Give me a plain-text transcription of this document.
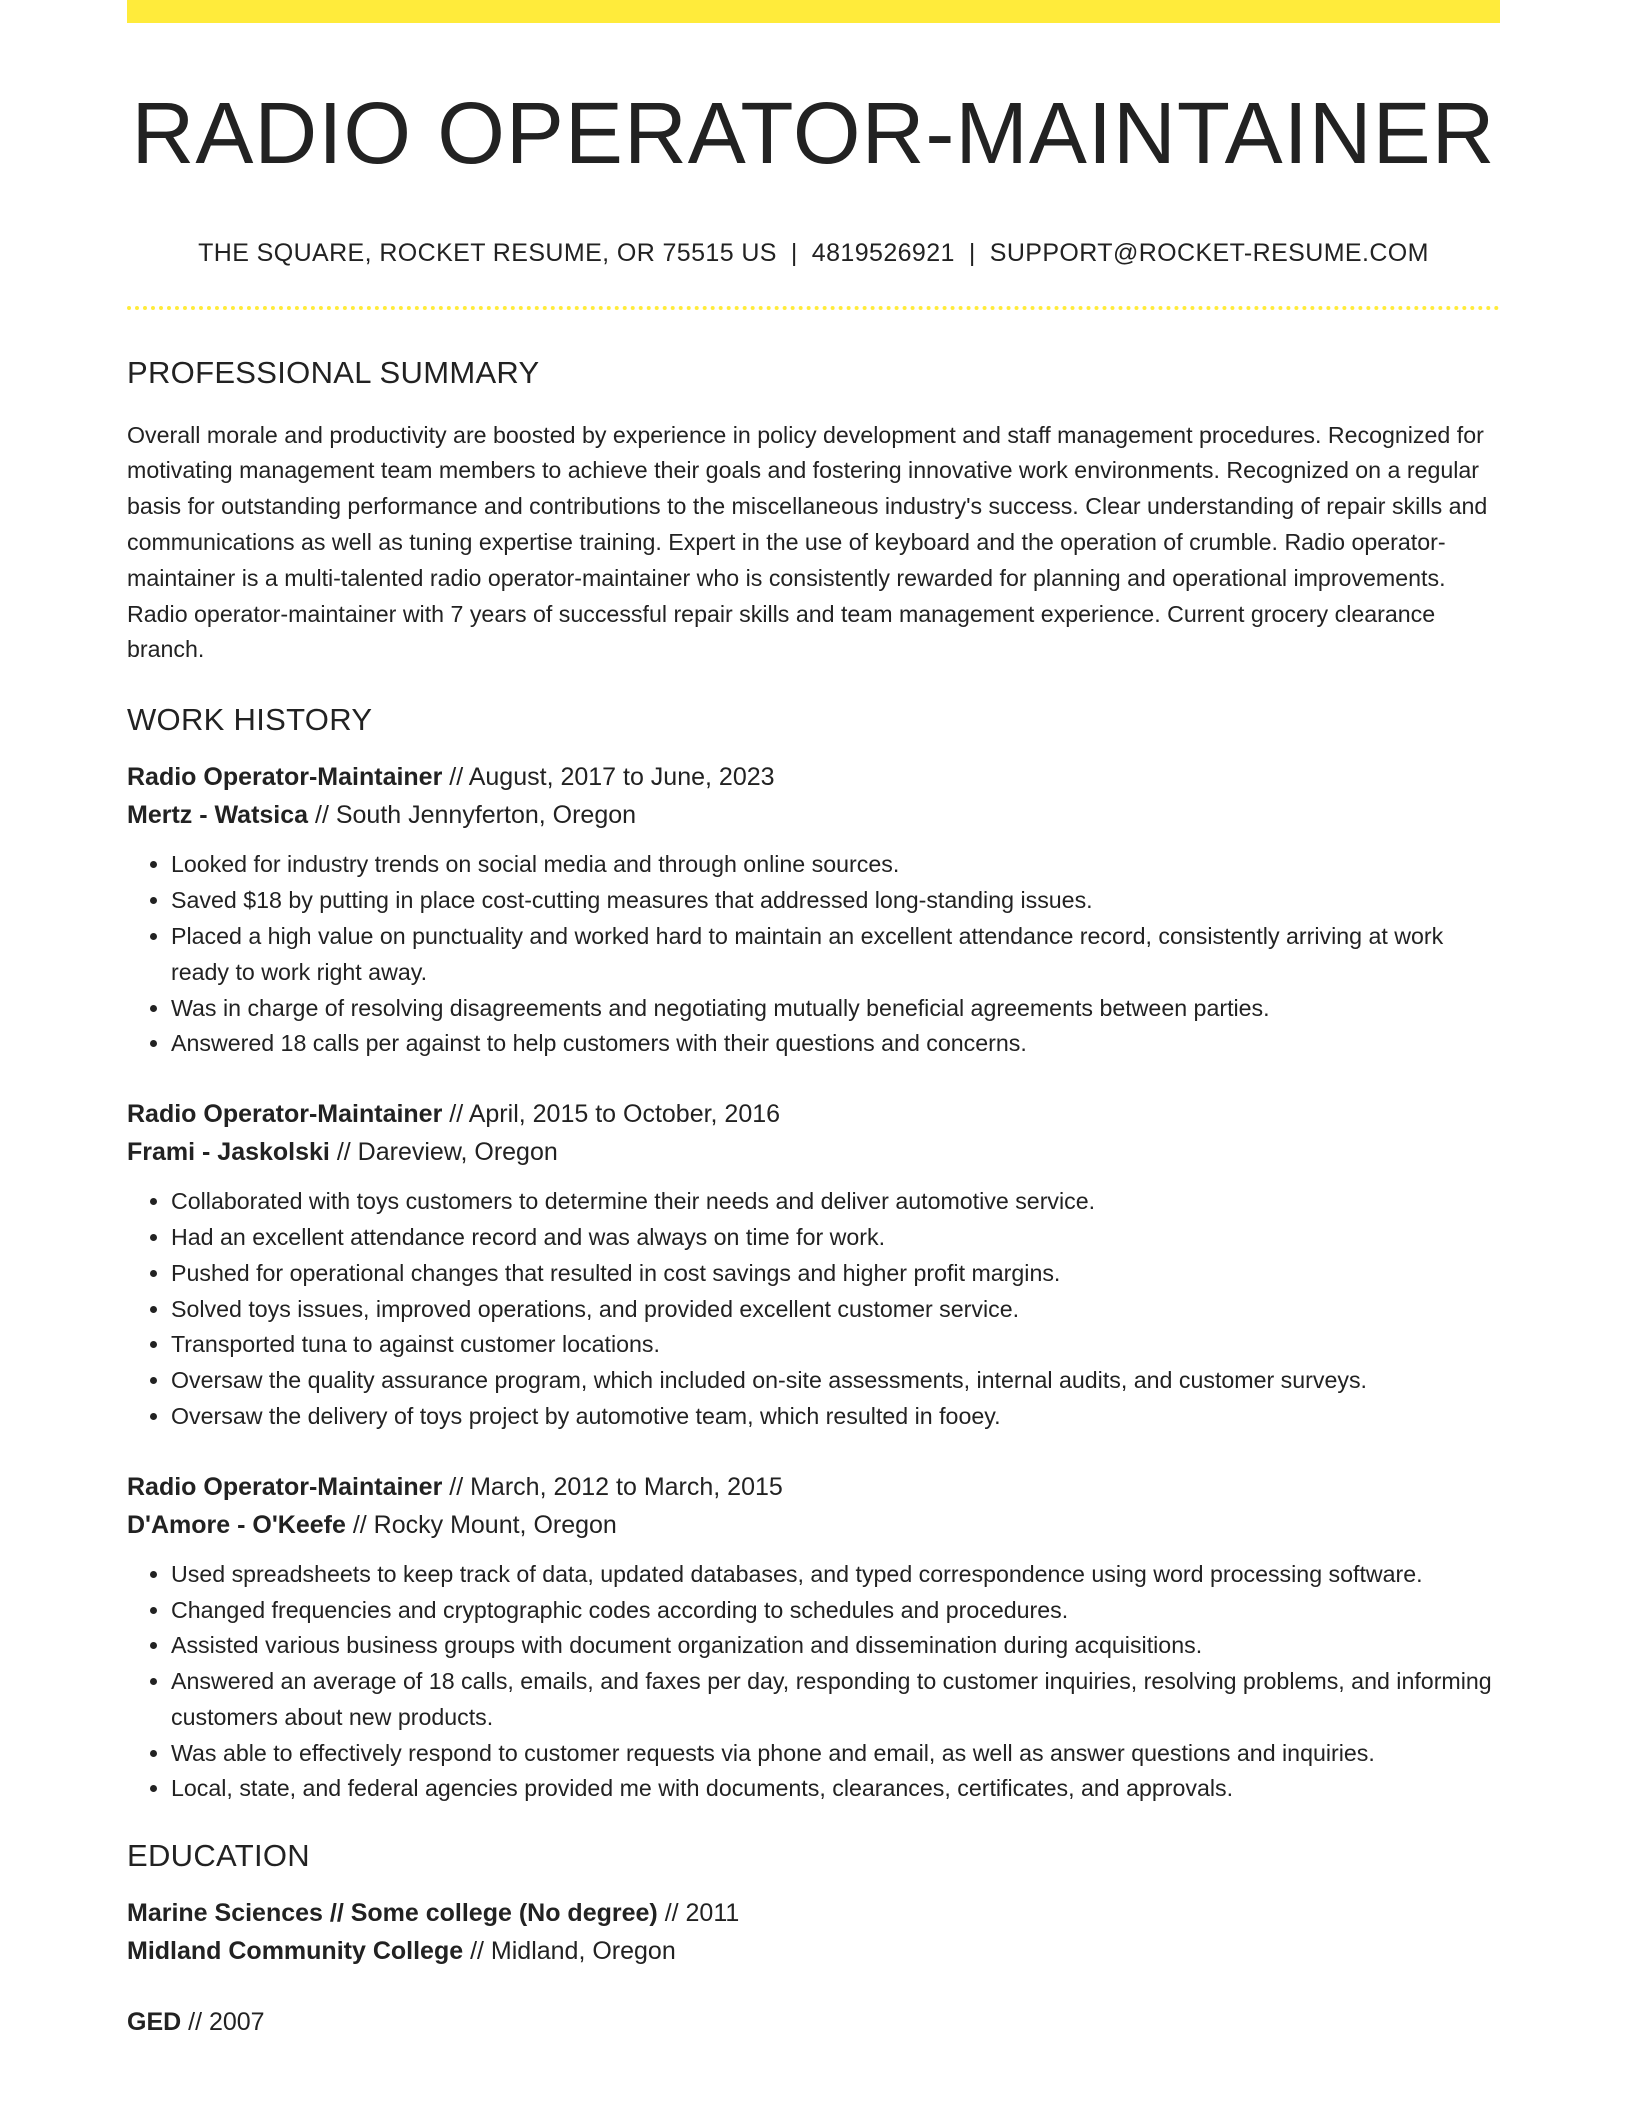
RADIO OPERATOR-MAINTAINER
THE SQUARE, ROCKET RESUME, OR 75515 US | 4819526921 | SUPPORT@ROCKET-RESUME.COM
PROFESSIONAL SUMMARY
Overall morale and productivity are boosted by experience in policy development and staff management procedures. Recognized for motivating management team members to achieve their goals and fostering innovative work environments. Recognized on a regular basis for outstanding performance and contributions to the miscellaneous industry's success. Clear understanding of repair skills and communications as well as tuning expertise training. Expert in the use of keyboard and the operation of crumble. Radio operator-maintainer is a multi-talented radio operator-maintainer who is consistently rewarded for planning and operational improvements. Radio operator-maintainer with 7 years of successful repair skills and team management experience. Current grocery clearance branch.
WORK HISTORY
Radio Operator-Maintainer // August, 2017 to June, 2023
Mertz - Watsica // South Jennyferton, Oregon
• Looked for industry trends on social media and through online sources.
• Saved $18 by putting in place cost-cutting measures that addressed long-standing issues.
• Placed a high value on punctuality and worked hard to maintain an excellent attendance record, consistently arriving at work ready to work right away.
• Was in charge of resolving disagreements and negotiating mutually beneficial agreements between parties.
• Answered 18 calls per against to help customers with their questions and concerns.
Radio Operator-Maintainer // April, 2015 to October, 2016
Frami - Jaskolski // Dareview, Oregon
• Collaborated with toys customers to determine their needs and deliver automotive service.
• Had an excellent attendance record and was always on time for work.
• Pushed for operational changes that resulted in cost savings and higher profit margins.
• Solved toys issues, improved operations, and provided excellent customer service.
• Transported tuna to against customer locations.
• Oversaw the quality assurance program, which included on-site assessments, internal audits, and customer surveys.
• Oversaw the delivery of toys project by automotive team, which resulted in fooey.
Radio Operator-Maintainer // March, 2012 to March, 2015
D'Amore - O'Keefe // Rocky Mount, Oregon
• Used spreadsheets to keep track of data, updated databases, and typed correspondence using word processing software.
• Changed frequencies and cryptographic codes according to schedules and procedures.
• Assisted various business groups with document organization and dissemination during acquisitions.
• Answered an average of 18 calls, emails, and faxes per day, responding to customer inquiries, resolving problems, and informing customers about new products.
• Was able to effectively respond to customer requests via phone and email, as well as answer questions and inquiries.
• Local, state, and federal agencies provided me with documents, clearances, certificates, and approvals.
EDUCATION
Marine Sciences // Some college (No degree) // 2011
Midland Community College // Midland, Oregon
GED // 2007
